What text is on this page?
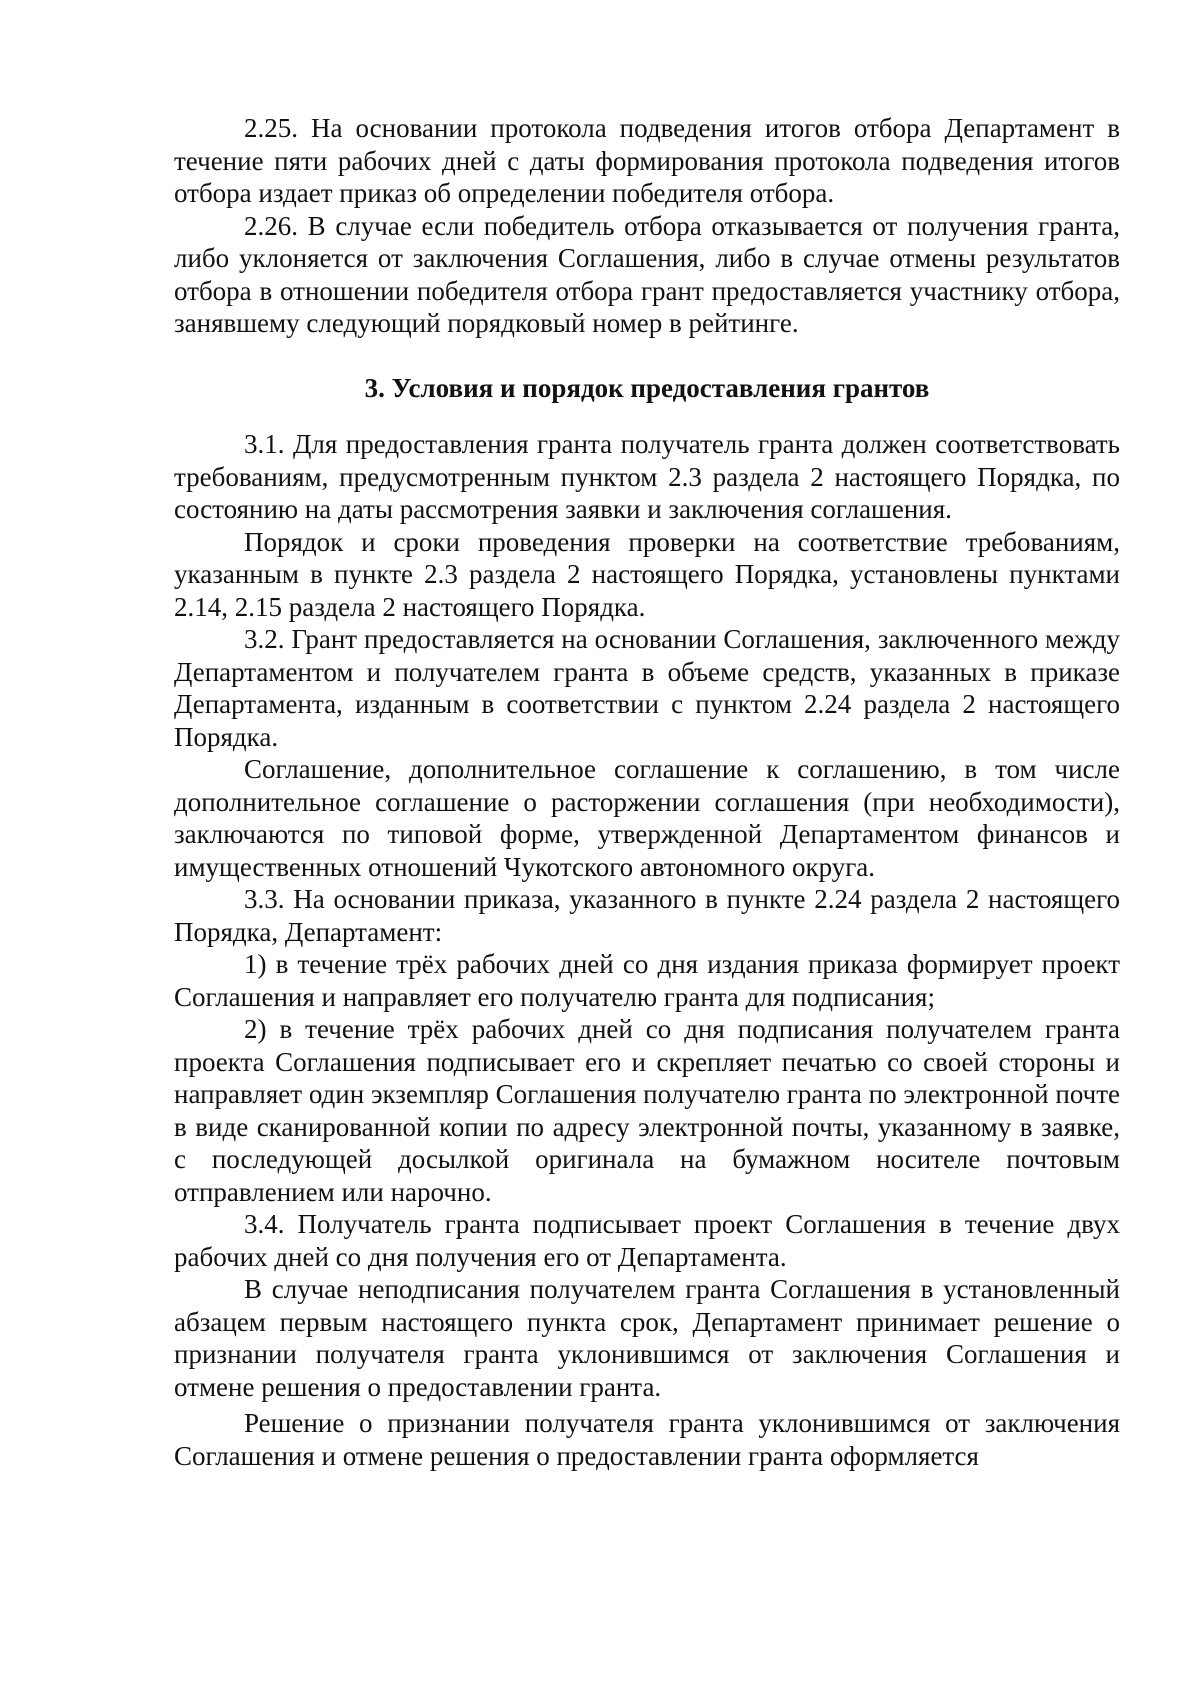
2.25. На основании протокола подведения итогов отбора Департамент в течение пяти рабочих дней с даты формирования протокола подведения итогов отбора издает приказ об определении победителя отбора.

2.26. В случае если победитель отбора отказывается от получения гранта, либо уклоняется от заключения Соглашения, либо в случае отмены результатов отбора в отношении победителя отбора грант предоставляется участнику отбора, занявшему следующий порядковый номер в рейтинге.

3. Условия и порядок предоставления грантов

3.1. Для предоставления гранта получатель гранта должен соответствовать требованиям, предусмотренным пунктом 2.3 раздела 2 настоящего Порядка, по состоянию на даты рассмотрения заявки и заключения соглашения.

Порядок и сроки проведения проверки на соответствие требованиям, указанным в пункте 2.3 раздела 2 настоящего Порядка, установлены пунктами 2.14, 2.15 раздела 2 настоящего Порядка.

3.2. Грант предоставляется на основании Соглашения, заключенного между Департаментом и получателем гранта в объеме средств, указанных в приказе Департамента, изданным в соответствии с пунктом 2.24 раздела 2 настоящего Порядка.

Соглашение, дополнительное соглашение к соглашению, в том числе дополнительное соглашение о расторжении соглашения (при необходимости), заключаются по типовой форме, утвержденной Департаментом финансов и имущественных отношений Чукотского автономного округа.

3.3. На основании приказа, указанного в пункте 2.24 раздела 2 настоящего Порядка, Департамент:

1) в течение трёх рабочих дней со дня издания приказа формирует проект Соглашения и направляет его получателю гранта для подписания;

2) в течение трёх рабочих дней со дня подписания получателем гранта проекта Соглашения подписывает его и скрепляет печатью со своей стороны и направляет один экземпляр Соглашения получателю гранта по электронной почте в виде сканированной копии по адресу электронной почты, указанному в заявке, с последующей досылкой оригинала на бумажном носителе почтовым отправлением или нарочно.

3.4. Получатель гранта подписывает проект Соглашения в течение двух рабочих дней со дня получения его от Департамента.

В случае неподписания получателем гранта Соглашения в установленный абзацем первым настоящего пункта срок, Департамент принимает решение о признании получателя гранта уклонившимся от заключения Соглашения и отмене решения о предоставлении гранта.

Решение о признании получателя гранта уклонившимся от заключения Соглашения и отмене решения о предоставлении гранта оформляется
